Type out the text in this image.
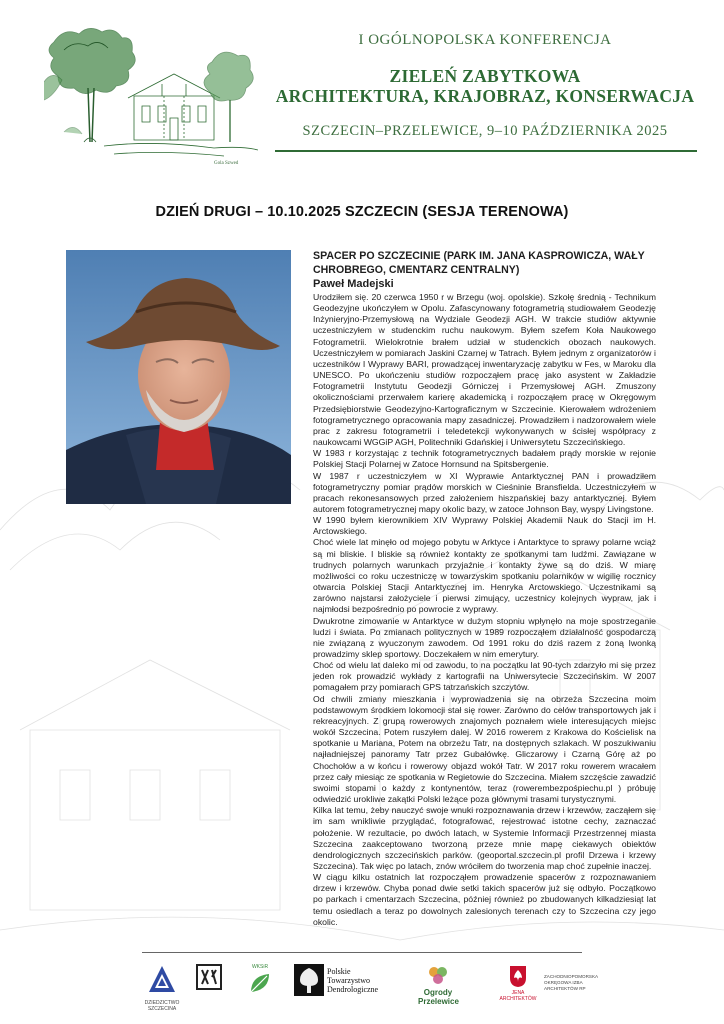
Gola Szwed
I OGÓLNOPOLSKA KONFERENCJA
ZIELEŃ ZABYTKOWA
ARCHITEKTURA, KRAJOBRAZ, KONSERWACJA
SZCZECIN–PRZELEWICE, 9–10 PAŹDZIERNIKA 2025
DZIEŃ DRUGI – 10.10.2025 SZCZECIN (SESJA TERENOWA)

SPACER PO SZCZECINIE (PARK IM. JANA KASPROWICZA, WAŁY CHROBREGO, CMENTARZ CENTRALNY)

Paweł Madejski

Urodziłem się. 20 czerwca 1950 r w Brzegu (woj. opolskie). Szkołę średnią - Technikum Geodezyjne ukończyłem w Opolu. Zafascynowany fotogrametrią studiowałem Geodezję Inżynieryjno-Przemysłową na Wydziale Geodezji AGH. W trakcie studiów aktywnie uczestniczyłem w studenckim ruchu naukowym. Byłem szefem Koła Naukowego Fotogrametrii. Wielokrotnie brałem udział w studenckich obozach naukowych. Uczestniczyłem w pomiarach Jaskini Czarnej w Tatrach. Byłem jednym z organizatorów i uczestników I Wyprawy BARI, prowadzącej inwentaryzację zabytku w Fes, w Maroku dla UNESCO. Po ukończeniu studiów rozpocząłem pracę jako asystent w Zakładzie Fotogrametrii Instytutu Geodezji Górniczej i Przemysłowej AGH. Zmuszony okolicznościami przerwałem karierę akademicką i rozpocząłem pracę w Okręgowym Przedsiębiorstwie Geodezyjno-Kartograficznym w Szczecinie. Kierowałem wdrożeniem fotogrametrycznego opracowania mapy zasadniczej. Prowadziłem i nadzorowałem wiele prac z zakresu fotogrametrii i teledetekcji wykonywanych w ścisłej współpracy z naukowcami WGGiP AGH, Politechniki Gdańskiej i Uniwersytetu Szczecińskiego.

W 1983 r korzystając z technik fotogrametrycznych badałem prądy morskie w rejonie Polskiej Stacji Polarnej w Zatoce Hornsund na Spitsbergenie.

W 1987 r uczestniczyłem w XI Wyprawie Antarktycznej PAN i prowadziłem fotogrametryczny pomiar prądów morskich w Cieśninie Bransfielda. Uczestniczyłem w pracach rekonesansowych przed założeniem hiszpańskiej bazy antarktycznej. Byłem autorem fotogrametrycznej mapy okolic bazy, w zatoce Johnson Bay, wyspy Livingstone.

W 1990 byłem kierownikiem XIV Wyprawy Polskiej Akademii Nauk do Stacji im H. Arctowskiego.

Choć wiele lat minęło od mojego pobytu w Arktyce i Antarktyce to sprawy polarne wciąż są mi bliskie. I bliskie są również kontakty ze spotkanymi tam ludźmi. Zawiązane w trudnych polarnych warunkach przyjaźnie i kontakty żywe są do dziś. W miarę możliwości co roku uczestniczę w towarzyskim spotkaniu polarników w wigilię rocznicy otwarcia Polskiej Stacji Antarktycznej im. Henryka Arctowskiego. Uczestnikami są zarówno najstarsi założyciele i pierwsi zimujący, uczestnicy kolejnych wypraw, jak i najmłodsi bezpośrednio po powrocie z wyprawy.

Dwukrotne zimowanie w Antarktyce w dużym stopniu wpłynęło na moje spostrzeganie ludzi i świata. Po zmianach politycznych w 1989 rozpocząłem działalność gospodarczą nie związaną z wyuczonym zawodem. Od 1991 roku do dziś razem z żoną Iwonką prowadzimy sklep sportowy. Doczekałem w nim emerytury.

Choć od wielu lat daleko mi od zawodu, to na początku lat 90-tych zdarzyło mi się przez jeden rok prowadzić wykłady z kartografii na Uniwersytecie Szczecińskim. W 2007 pomagałem przy pomiarach GPS tatrzańskich szczytów.

Od chwili zmiany mieszkania i wyprowadzenia się na obrzeża Szczecina moim podstawowym środkiem lokomocji stał się rower. Zarówno do celów transportowych jak i rekreacyjnych. Z grupą rowerowych znajomych poznałem wiele interesujących miejsc wokół Szczecina. Potem ruszyłem dalej. W 2016 rowerem z Krakowa do Kościelisk na spotkanie u Mariana, Potem na obrzeżu Tatr, na dostępnych szlakach. W poszukiwaniu najładniejszej panoramy Tatr przez Gubałówkę. Gliczarowy i Czarną Górę aż po Chochołów a w końcu i rowerowy objazd wokół Tatr. W 2017 roku rowerem wracałem przez cały miesiąc ze spotkania w Regietowie do Szczecina. Miałem szczęście zawadzić swoimi stopami o każdy z kontynentów, teraz (rowerembezpośpiechu.pl ) próbuję odwiedzić urokliwe zakątki Polski leżące poza głównymi trasami turystycznymi.

Kilka lat temu, żeby nauczyć swoje wnuki rozpoznawania drzew i krzewów, zacząłem się im sam wnikliwie przyglądać, fotografować, rejestrować istotne cechy, zaznaczać położenie. W rezultacie, po dwóch latach, w Systemie Informacji Przestrzennej miasta Szczecina zaakceptowano tworzoną przeze mnie mapę ciekawych obiektów dendrologicznych szczecińskich parków. (geoportal.szczecin.pl profil Drzewa i krzewy Szczecina). Tak więc po latach, znów wróciłem do tworzenia map choć zupełnie inaczej.

W ciągu kilku ostatnich lat rozpocząłem prowadzenie spacerów z rozpoznawaniem drzew i krzewów. Chyba ponad dwie setki takich spacerów już się odbyło. Początkowo po parkach i cmentarzach Szczecina, później również po zbudowanych kilkadziesiąt lat temu osiedlach a teraz po dowolnych zalesionych terenach czy to Szczecina czy jego okolic.

DZIEDZICTWO SZCZECINA
WKSiR	Polskie Towarzystwo Dendrologiczne	Ogrody Przelewice
JENA ARCHITEKTÓW
ZACHODNIOPOMORSKA OKRĘGOWA IZBA ARCHITEKTÓW RP
